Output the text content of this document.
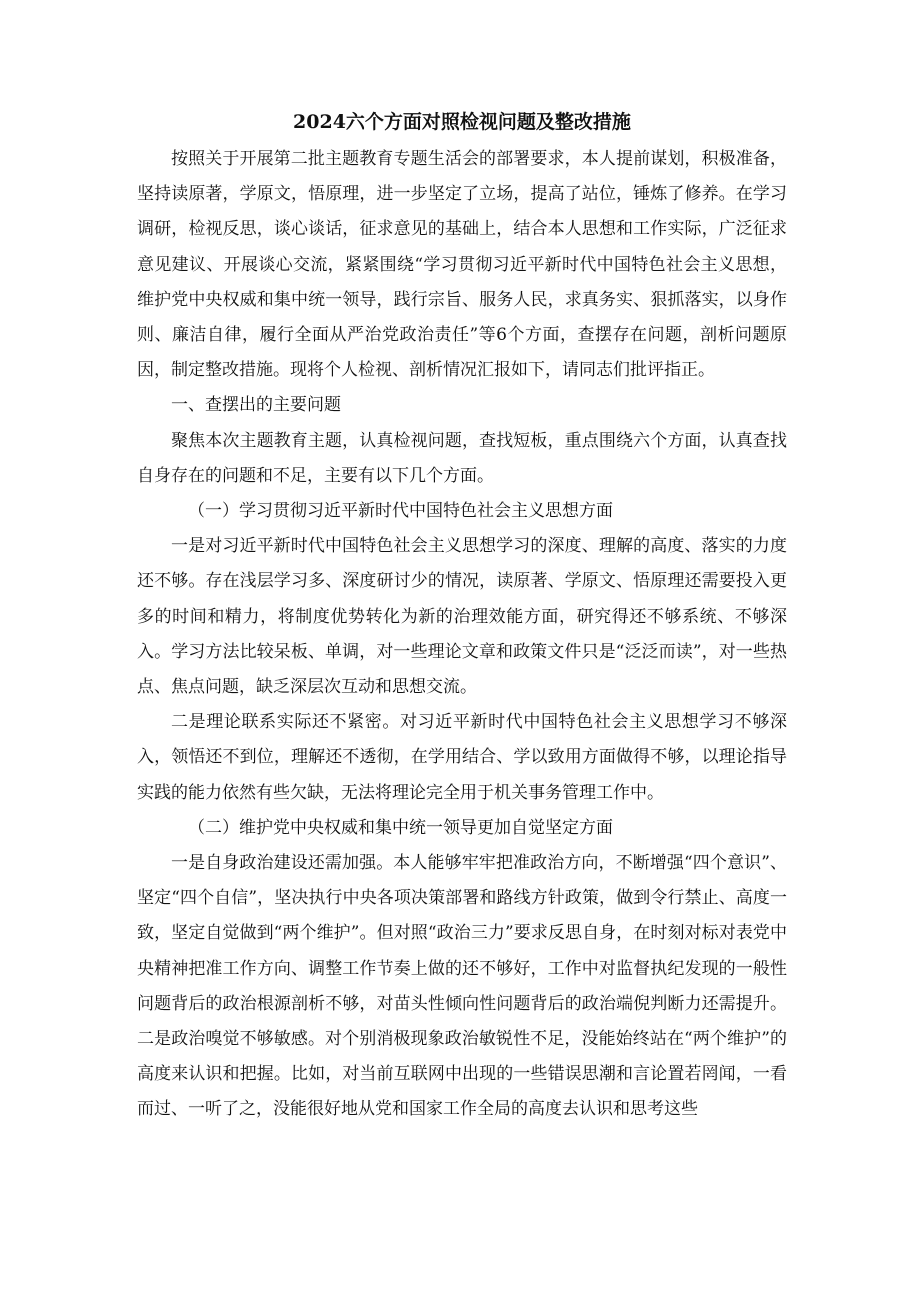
2024六个方面对照检视问题及整改措施

按照关于开展第二批主题教育专题生活会的部署要求，本人提前谋划，积极准备，坚持读原著，学原文，悟原理，进一步坚定了立场，提高了站位，锤炼了修养。在学习调研，检视反思，谈心谈话，征求意见的基础上，结合本人思想和工作实际，广泛征求意见建议、开展谈心交流，紧紧围绕“学习贯彻习近平新时代中国特色社会主义思想，维护党中央权威和集中统一领导，践行宗旨、服务人民，求真务实、狠抓落实，以身作则、廉洁自律，履行全面从严治党政治责任”等6个方面，查摆存在问题，剖析问题原因，制定整改措施。现将个人检视、剖析情况汇报如下，请同志们批评指正。

一、查摆出的主要问题

聚焦本次主题教育主题，认真检视问题，查找短板，重点围绕六个方面，认真查找自身存在的问题和不足，主要有以下几个方面。

（一）学习贯彻习近平新时代中国特色社会主义思想方面

一是对习近平新时代中国特色社会主义思想学习的深度、理解的高度、落实的力度还不够。存在浅层学习多、深度研讨少的情况，读原著、学原文、悟原理还需要投入更多的时间和精力，将制度优势转化为新的治理效能方面，研究得还不够系统、不够深入。学习方法比较呆板、单调，对一些理论文章和政策文件只是“泛泛而读”，对一些热点、焦点问题，缺乏深层次互动和思想交流。

二是理论联系实际还不紧密。对习近平新时代中国特色社会主义思想学习不够深入，领悟还不到位，理解还不透彻，在学用结合、学以致用方面做得不够，以理论指导实践的能力依然有些欠缺，无法将理论完全用于机关事务管理工作中。

（二）维护党中央权威和集中统一领导更加自觉坚定方面

一是自身政治建设还需加强。本人能够牢牢把准政治方向，不断增强“四个意识”、坚定“四个自信”，坚决执行中央各项决策部署和路线方针政策，做到令行禁止、高度一致，坚定自觉做到“两个维护”。但对照“政治三力”要求反思自身，在时刻对标对表党中央精神把准工作方向、调整工作节奏上做的还不够好，工作中对监督执纪发现的一般性问题背后的政治根源剖析不够，对苗头性倾向性问题背后的政治端倪判断力还需提升。二是政治嗅觉不够敏感。对个别消极现象政治敏锐性不足，没能始终站在“两个维护”的高度来认识和把握。比如，对当前互联网中出现的一些错误思潮和言论置若罔闻，一看而过、一听了之，没能很好地从党和国家工作全局的高度去认识和思考这些
